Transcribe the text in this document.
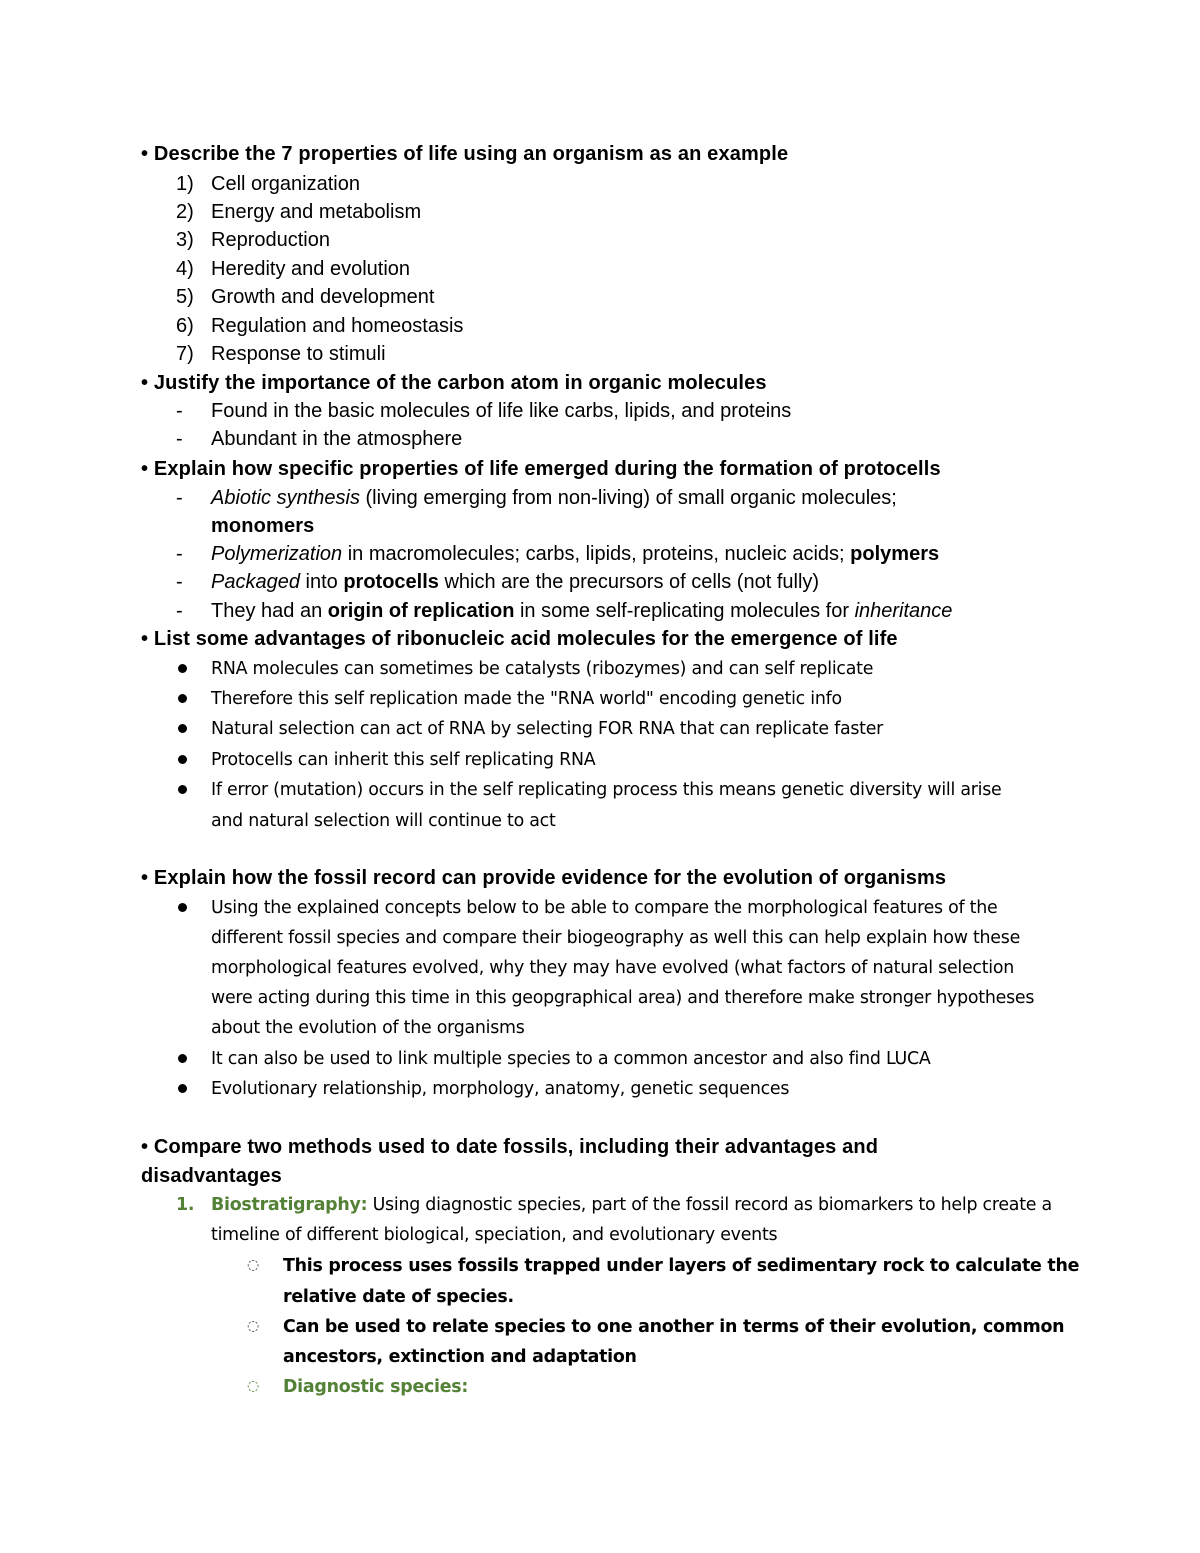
• Describe the 7 properties of life using an organism as an example
1) Cell organization
2) Energy and metabolism
3) Reproduction
4) Heredity and evolution
5) Growth and development
6) Regulation and homeostasis
7) Response to stimuli
• Justify the importance of the carbon atom in organic molecules
- Found in the basic molecules of life like carbs, lipids, and proteins
- Abundant in the atmosphere
• Explain how specific properties of life emerged during the formation of protocells
- Abiotic synthesis (living emerging from non-living) of small organic molecules;
monomers
- Polymerization in macromolecules; carbs, lipids, proteins, nucleic acids; polymers
- Packaged into protocells which are the precursors of cells (not fully)
- They had an origin of replication in some self-replicating molecules for inheritance
• List some advantages of ribonucleic acid molecules for the emergence of life
RNA molecules can sometimes be catalysts (ribozymes) and can self replicate
Therefore this self replication made the "RNA world" encoding genetic info
Natural selection can act of RNA by selecting FOR RNA that can replicate faster
Protocells can inherit this self replicating RNA
If error (mutation) occurs in the self replicating process this means genetic diversity will arise
and natural selection will continue to act
• Explain how the fossil record can provide evidence for the evolution of organisms
Using the explained concepts below to be able to compare the morphological features of the
different fossil species and compare their biogeography as well this can help explain how these
morphological features evolved, why they may have evolved (what factors of natural selection
were acting during this time in this geopgraphical area) and therefore make stronger hypotheses
about the evolution of the organisms
It can also be used to link multiple species to a common ancestor and also find LUCA
Evolutionary relationship, morphology, anatomy, genetic sequences
• Compare two methods used to date fossils, including their advantages and
disadvantages
1. Biostratigraphy: Using diagnostic species, part of the fossil record as biomarkers to help create a
timeline of different biological, speciation, and evolutionary events
◌ This process uses fossils trapped under layers of sedimentary rock to calculate the
relative date of species.
◌ Can be used to relate species to one another in terms of their evolution, common
ancestors, extinction and adaptation
◌ Diagnostic species:
